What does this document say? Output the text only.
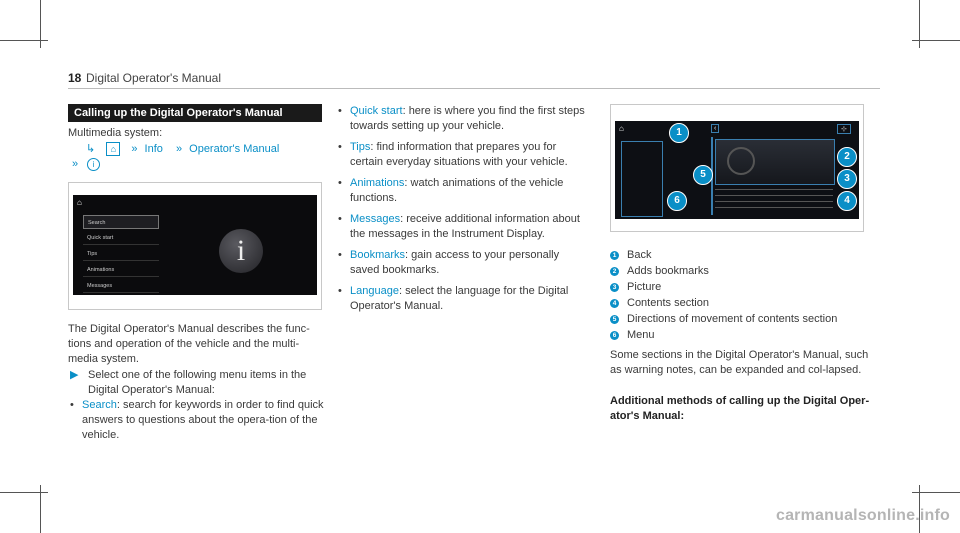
18 Digital Operator's Manual
Calling up the Digital Operator's Manual
Multimedia system:
↳ ⌂ » Info » Operator's Manual
» i
⌂
Search
Quick start
Tips
Animations
Messages
i
The Digital Operator's Manual describes the func-tions and operation of the vehicle and the multi-media system.
▶ Select one of the following menu items in the Digital Operator's Manual:
• Search: search for keywords in order to find quick answers to questions about the opera-tion of the vehicle.
• Quick start: here is where you find the first steps towards setting up your vehicle.
• Tips: find information that prepares you for certain everyday situations with your vehicle.
• Animations: watch animations of the vehicle functions.
• Messages: receive additional information about the messages in the Instrument Display.
• Bookmarks: gain access to your personally saved bookmarks.
• Language: select the language for the Digital Operator's Manual.
⌂	‹	⊹
1
2
3
4
5
6
1 Back
2 Adds bookmarks
3 Picture
4 Contents section
5 Directions of movement of contents section
6 Menu
Some sections in the Digital Operator's Manual, such as warning notes, can be expanded and col-lapsed.
Additional methods of calling up the Digital Oper-ator's Manual:
carmanualsonline.info
